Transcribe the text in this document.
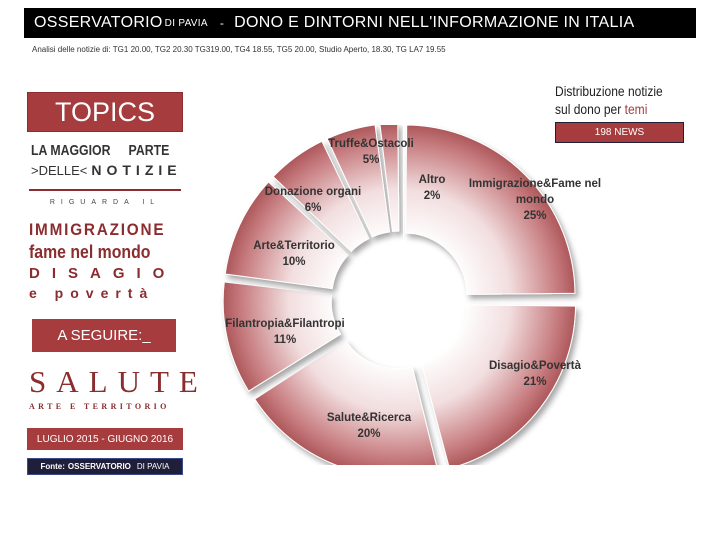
OSSERVATORIO DI PAVIA - DONO E DINTORNI NELL'INFORMAZIONE IN ITALIA
Analisi delle notizie di: TG1 20.00, TG2 20.30 TG319.00, TG4 18.55, TG5 20.00, Studio Aperto, 18.30, TG LA7 19.55
TOPICS
LA MAGGIOR PARTE
>DELLE< NOTIZIE
RIGUARDA IL
IMMIGRAZIONE
fame nel mondo
DISAGIO
e povertà
A SEGUIRE:_
SALUTE
ARTE E TERRITORIO
LUGLIO 2015 - GIUGNO 2016
Fonte: OSSERVATORIO DI PAVIA
Distribuzione notizie
sul dono per temi
198 NEWS
Immigrazione&Fame nel mondo 25%
Disagio&Povertà 21%
Salute&Ricerca 20%
Filantropia&Filantropi 11%
Arte&Territorio 10%
Donazione organi 6%
Truffe&Ostacoli 5%
Altro 2%
